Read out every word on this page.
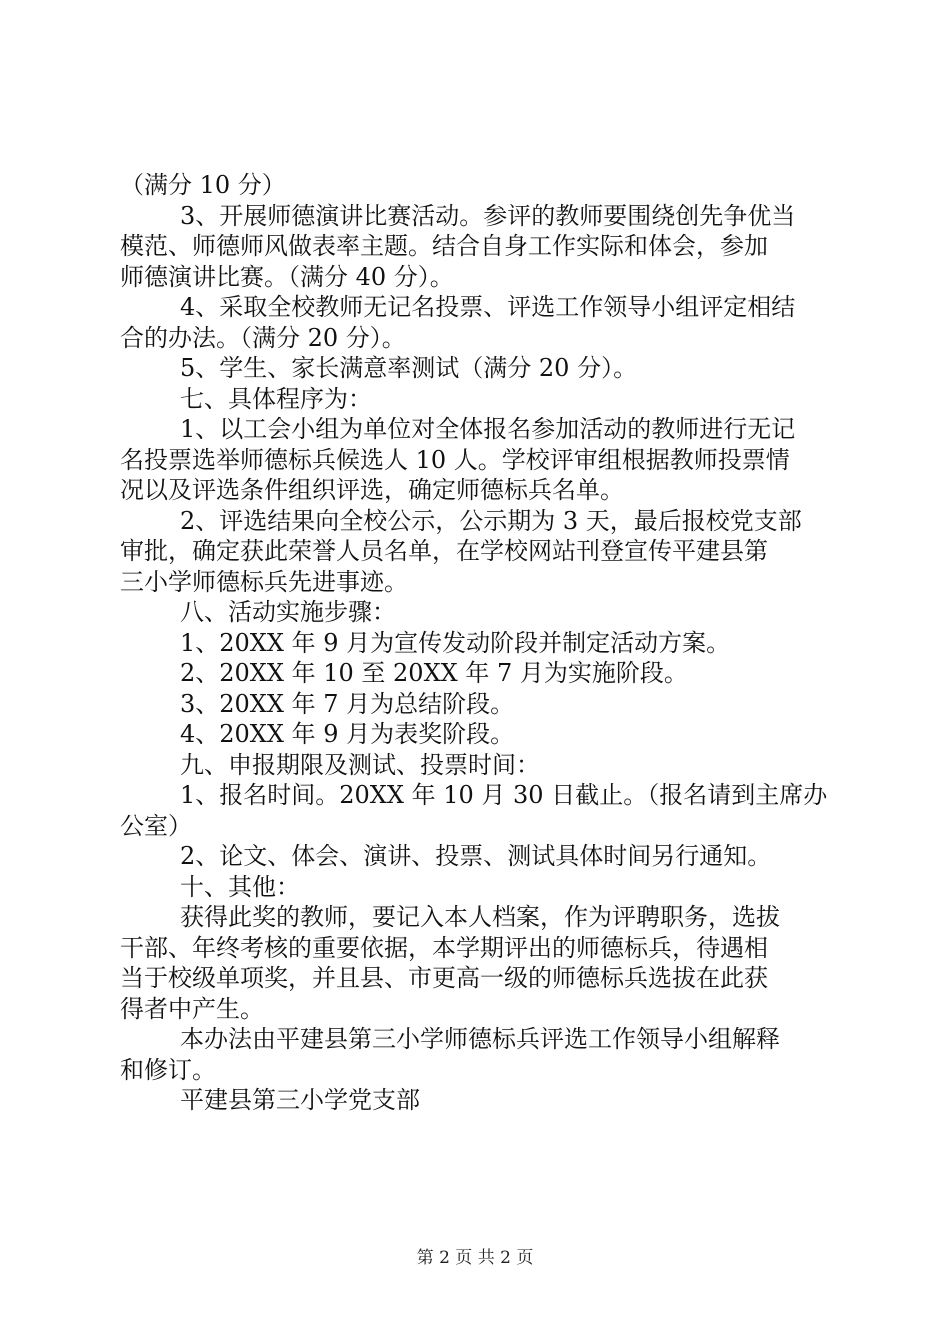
（满分 10 分）
3、开展师德演讲比赛活动。参评的教师要围绕创先争优当
模范、师德师风做表率主题。结合自身工作实际和体会，参加
师德演讲比赛。（满分 40 分）。
4、采取全校教师无记名投票、评选工作领导小组评定相结
合的办法。（满分 20 分）。
5、学生、家长满意率测试（满分 20 分）。
七、具体程序为：
1、以工会小组为单位对全体报名参加活动的教师进行无记
名投票选举师德标兵候选人 10 人。学校评审组根据教师投票情
况以及评选条件组织评选，确定师德标兵名单。
2、评选结果向全校公示，公示期为 3 天，最后报校党支部
审批，确定获此荣誉人员名单，在学校网站刊登宣传平建县第
三小学师德标兵先进事迹。
八、活动实施步骤：
1、20XX 年 9 月为宣传发动阶段并制定活动方案。
2、20XX 年 10 至 20XX 年 7 月为实施阶段。
3、20XX 年 7 月为总结阶段。
4、20XX 年 9 月为表奖阶段。
九、申报期限及测试、投票时间：
1、报名时间。20XX 年 10 月 30 日截止。（报名请到主席办
公室）
2、论文、体会、演讲、投票、测试具体时间另行通知。
十、其他：
获得此奖的教师，要记入本人档案，作为评聘职务，选拔
干部、年终考核的重要依据，本学期评出的师德标兵，待遇相
当于校级单项奖，并且县、市更高一级的师德标兵选拔在此获
得者中产生。
本办法由平建县第三小学师德标兵评选工作领导小组解释
和修订。
平建县第三小学党支部
第 2 页 共 2 页
